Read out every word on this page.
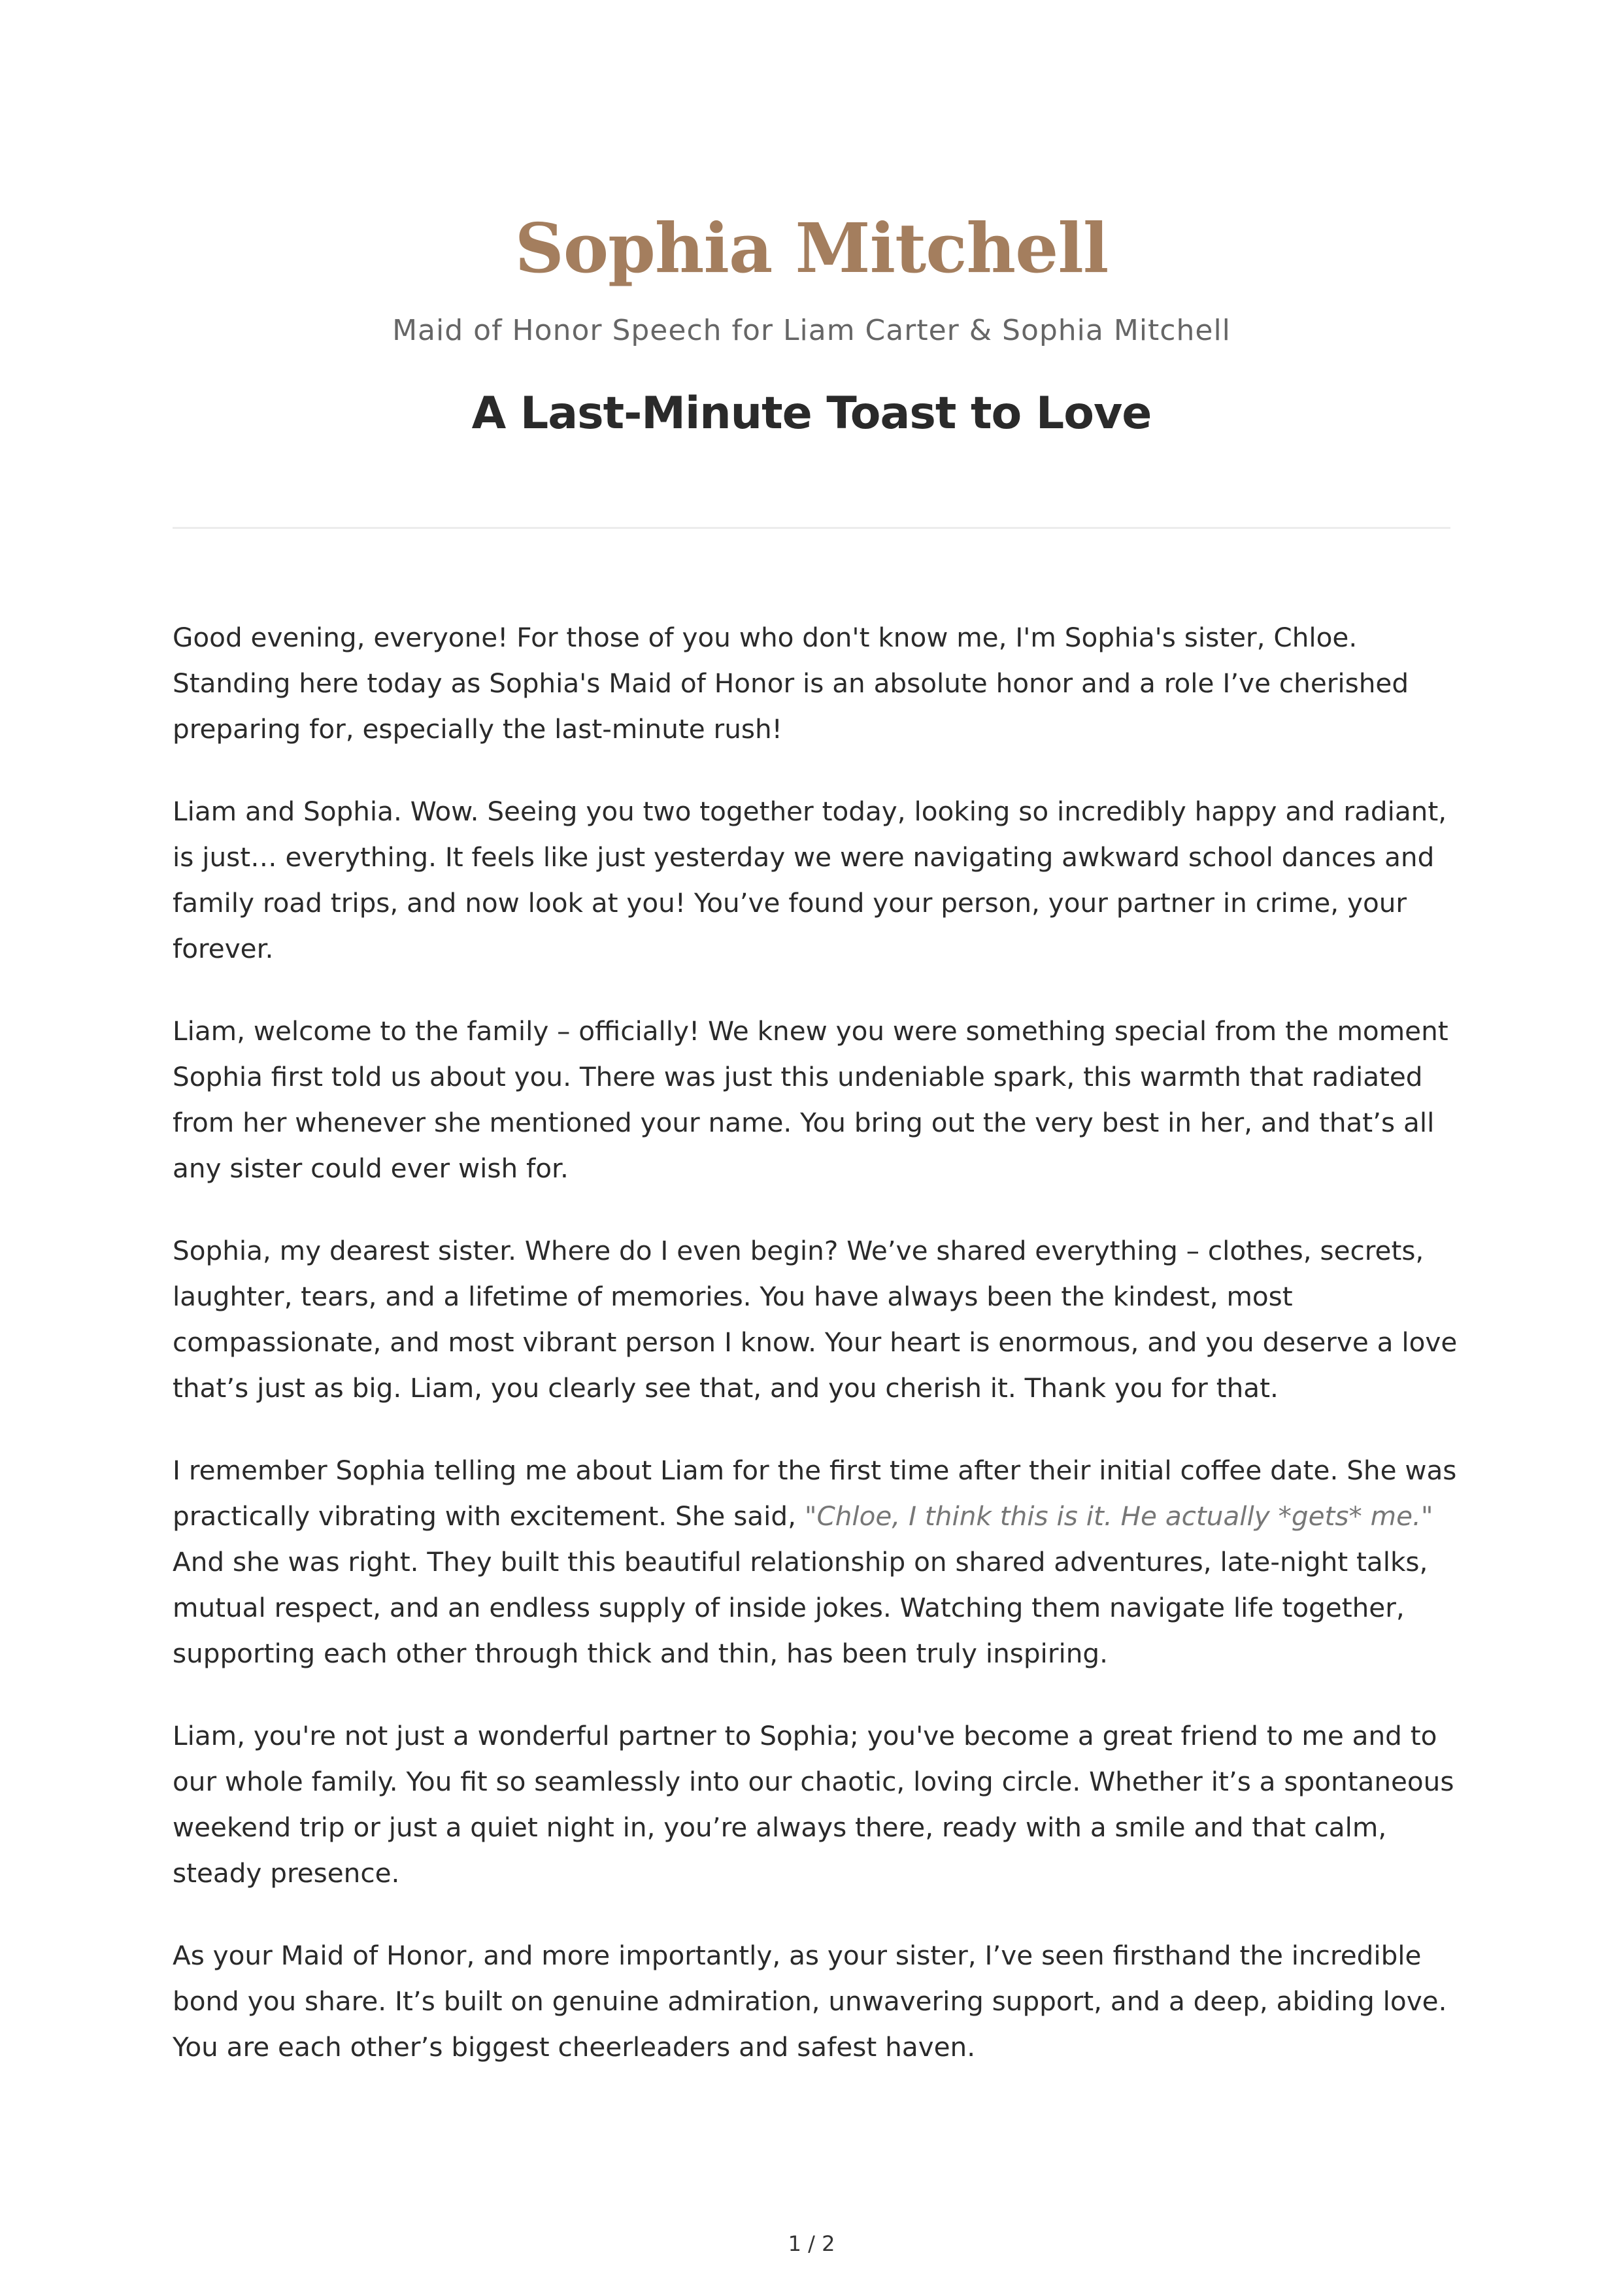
Sophia Mitchell
Maid of Honor Speech for Liam Carter & Sophia Mitchell
A Last-Minute Toast to Love

Good evening, everyone! For those of you who don't know me, I'm Sophia's sister, Chloe. Standing here today as Sophia's Maid of Honor is an absolute honor and a role I’ve cherished preparing for, especially the last-minute rush!

Liam and Sophia. Wow. Seeing you two together today, looking so incredibly happy and radiant, is just… everything. It feels like just yesterday we were navigating awkward school dances and family road trips, and now look at you! You’ve found your person, your partner in crime, your forever.

Liam, welcome to the family – officially! We knew you were something special from the moment Sophia first told us about you. There was just this undeniable spark, this warmth that radiated from her whenever she mentioned your name. You bring out the very best in her, and that’s all any sister could ever wish for.

Sophia, my dearest sister. Where do I even begin? We’ve shared everything – clothes, secrets, laughter, tears, and a lifetime of memories. You have always been the kindest, most compassionate, and most vibrant person I know. Your heart is enormous, and you deserve a love that’s just as big. Liam, you clearly see that, and you cherish it. Thank you for that.

I remember Sophia telling me about Liam for the first time after their initial coffee date. She was practically vibrating with excitement. She said, "Chloe, I think this is it. He actually *gets* me." And she was right. They built this beautiful relationship on shared adventures, late-night talks, mutual respect, and an endless supply of inside jokes. Watching them navigate life together, supporting each other through thick and thin, has been truly inspiring.

Liam, you're not just a wonderful partner to Sophia; you've become a great friend to me and to our whole family. You fit so seamlessly into our chaotic, loving circle. Whether it’s a spontaneous weekend trip or just a quiet night in, you’re always there, ready with a smile and that calm, steady presence.

As your Maid of Honor, and more importantly, as your sister, I’ve seen firsthand the incredible bond you share. It’s built on genuine admiration, unwavering support, and a deep, abiding love. You are each other’s biggest cheerleaders and safest haven.

1 / 2
